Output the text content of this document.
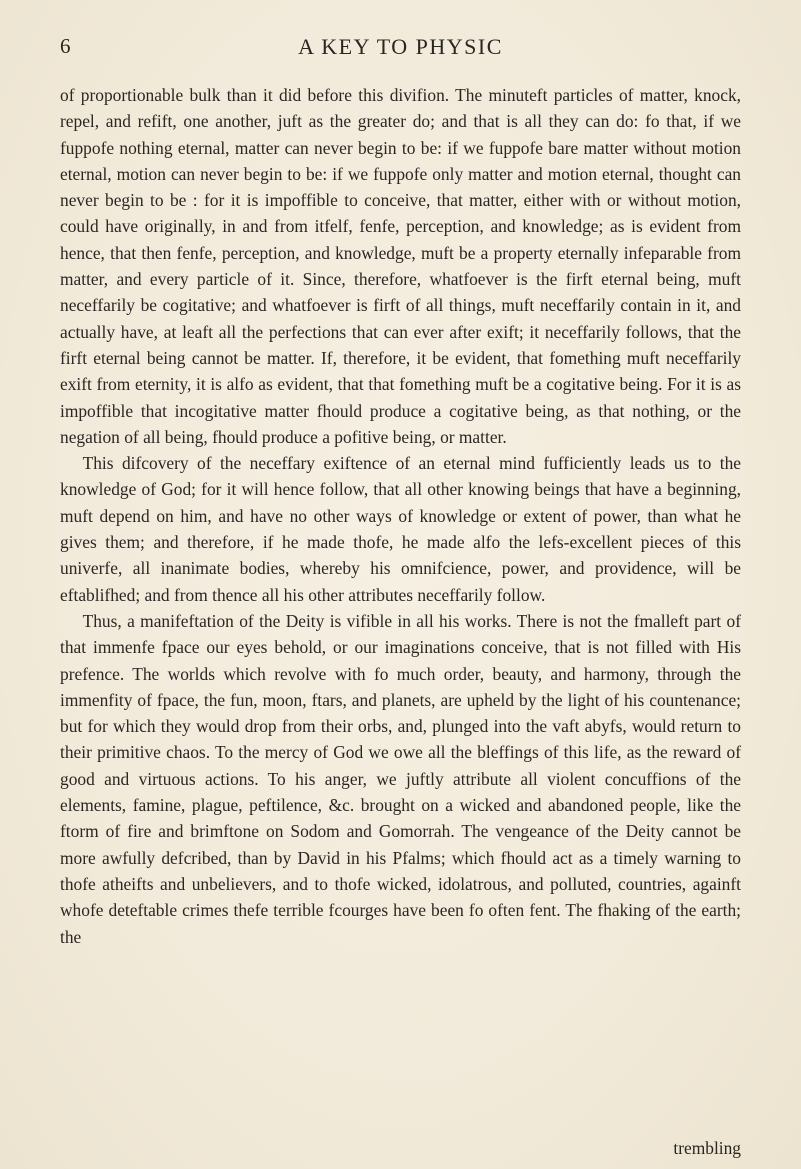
6	A KEY TO PHYSIC

of proportionable bulk than it did before this divifion. The minuteft particles of matter, knock, repel, and refift, one another, juft as the greater do; and that is all they can do: fo that, if we fuppofe nothing eternal, matter can never begin to be: if we fuppofe bare matter without motion eternal, motion can never begin to be: if we fuppofe only matter and motion eternal, thought can never begin to be : for it is impoffible to conceive, that matter, either with or without motion, could have originally, in and from itfelf, fenfe, perception, and knowledge; as is evident from hence, that then fenfe, perception, and knowledge, muft be a property eternally infeparable from matter, and every particle of it. Since, therefore, whatfoever is the firft eternal being, muft neceffarily be cogitative; and whatfoever is firft of all things, muft neceffarily contain in it, and actually have, at leaft all the perfections that can ever after exift; it neceffarily follows, that the firft eternal being cannot be matter. If, therefore, it be evident, that fomething muft neceffarily exift from eternity, it is alfo as evident, that that fomething muft be a cogitative being. For it is as impoffible that incogitative matter fhould produce a cogitative being, as that nothing, or the negation of all being, fhould produce a pofitive being, or matter.

This difcovery of the neceffary exiftence of an eternal mind fufficiently leads us to the knowledge of God; for it will hence follow, that all other knowing beings that have a beginning, muft depend on him, and have no other ways of knowledge or extent of power, than what he gives them; and therefore, if he made thofe, he made alfo the lefs-excellent pieces of this univerfe, all inanimate bodies, whereby his omnifcience, power, and providence, will be eftablifhed; and from thence all his other attributes neceffarily follow.

Thus, a manifeftation of the Deity is vifible in all his works. There is not the fmalleft part of that immenfe fpace our eyes behold, or our imaginations conceive, that is not filled with His prefence. The worlds which revolve with fo much order, beauty, and harmony, through the immenfity of fpace, the fun, moon, ftars, and planets, are upheld by the light of his countenance; but for which they would drop from their orbs, and, plunged into the vaft abyfs, would return to their primitive chaos. To the mercy of God we owe all the bleffings of this life, as the reward of good and virtuous actions. To his anger, we juftly attribute all violent concuffions of the elements, famine, plague, peftilence, &c. brought on a wicked and abandoned people, like the ftorm of fire and brimftone on Sodom and Gomorrah. The vengeance of the Deity cannot be more awfully defcribed, than by David in his Pfalms; which fhould act as a timely warning to thofe atheifts and unbelievers, and to thofe wicked, idolatrous, and polluted, countries, againft whofe deteftable crimes thefe terrible fcourges have been fo often fent. The fhaking of the earth; the

trembling
